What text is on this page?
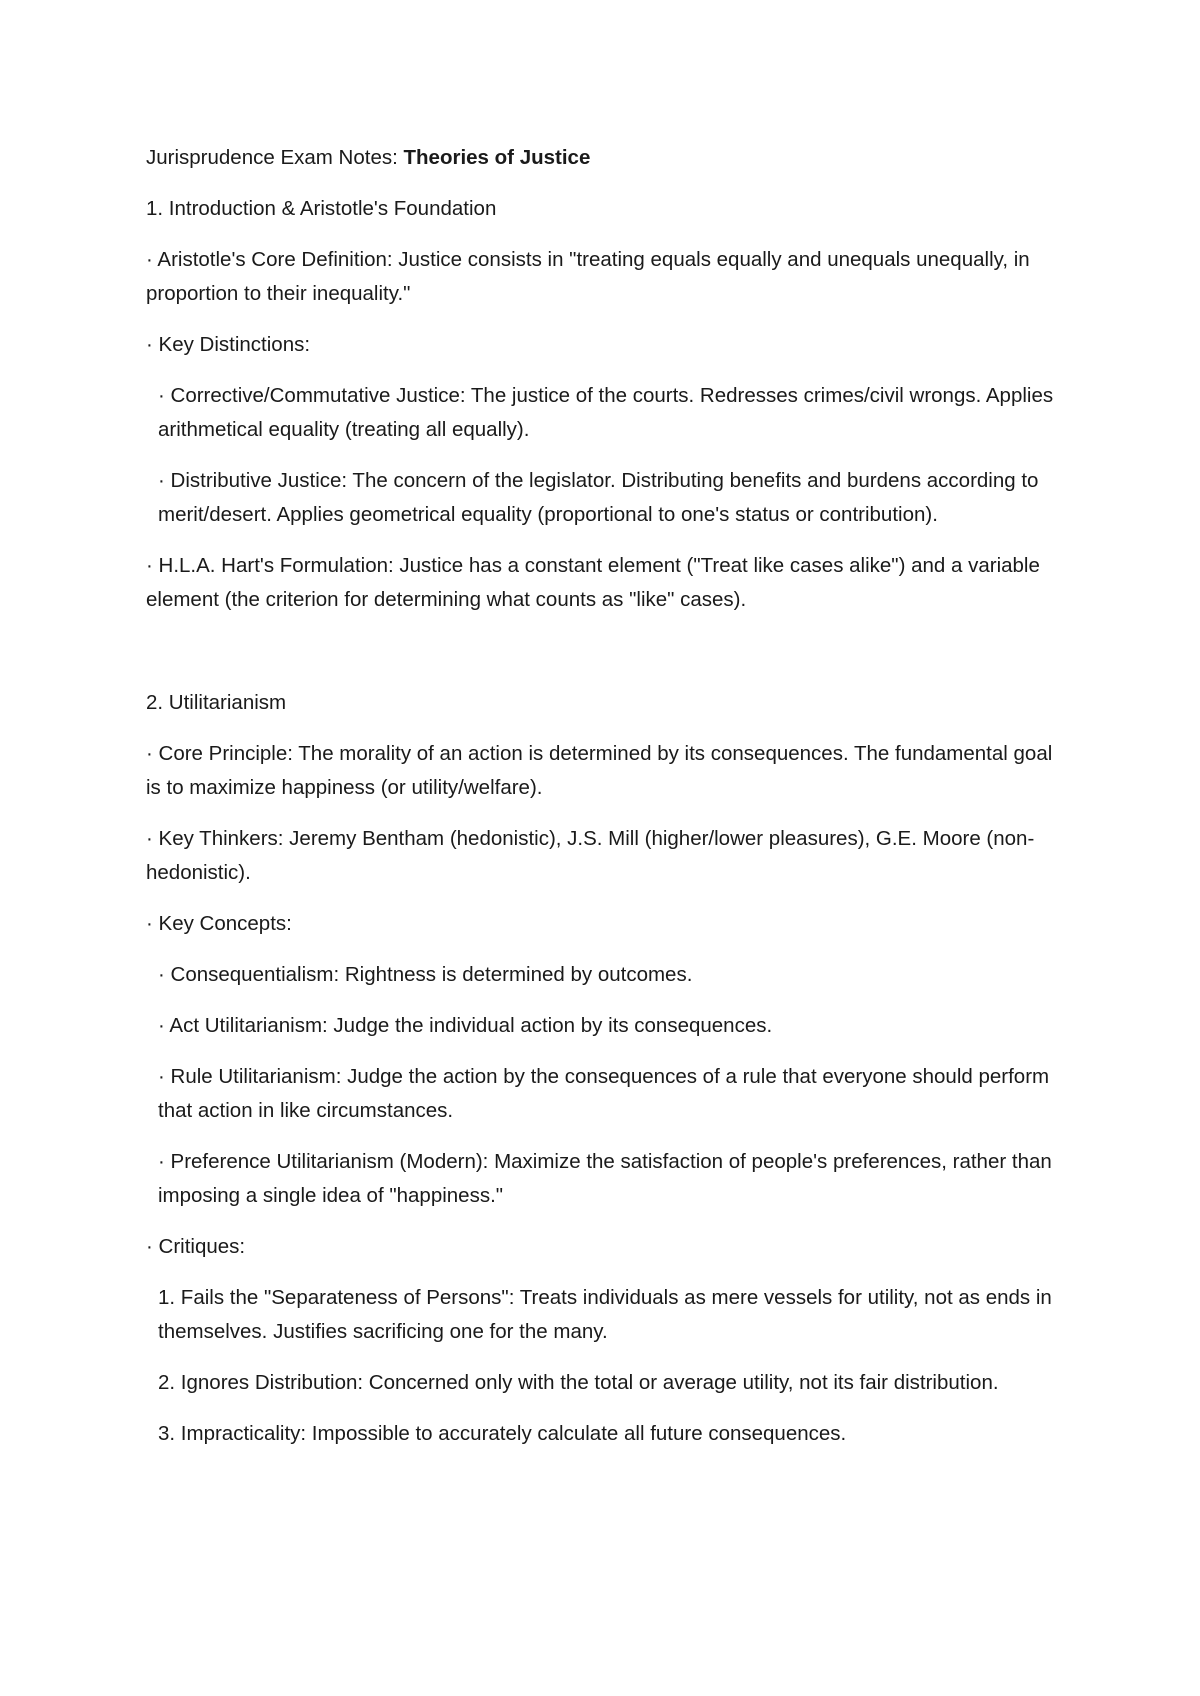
Jurisprudence Exam Notes: Theories of Justice

1. Introduction & Aristotle's Foundation

· Aristotle's Core Definition: Justice consists in "treating equals equally and unequals unequally, in proportion to their inequality."

· Key Distinctions:

· Corrective/Commutative Justice: The justice of the courts. Redresses crimes/civil wrongs. Applies arithmetical equality (treating all equally).

· Distributive Justice: The concern of the legislator. Distributing benefits and burdens according to merit/desert. Applies geometrical equality (proportional to one's status or contribution).

· H.L.A. Hart's Formulation: Justice has a constant element ("Treat like cases alike") and a variable element (the criterion for determining what counts as "like" cases).

2. Utilitarianism

· Core Principle: The morality of an action is determined by its consequences. The fundamental goal is to maximize happiness (or utility/welfare).

· Key Thinkers: Jeremy Bentham (hedonistic), J.S. Mill (higher/lower pleasures), G.E. Moore (non-hedonistic).

· Key Concepts:

· Consequentialism: Rightness is determined by outcomes.

· Act Utilitarianism: Judge the individual action by its consequences.

· Rule Utilitarianism: Judge the action by the consequences of a rule that everyone should perform that action in like circumstances.

· Preference Utilitarianism (Modern): Maximize the satisfaction of people's preferences, rather than imposing a single idea of "happiness."

· Critiques:

1. Fails the "Separateness of Persons": Treats individuals as mere vessels for utility, not as ends in themselves. Justifies sacrificing one for the many.

2. Ignores Distribution: Concerned only with the total or average utility, not its fair distribution.

3. Impracticality: Impossible to accurately calculate all future consequences.
